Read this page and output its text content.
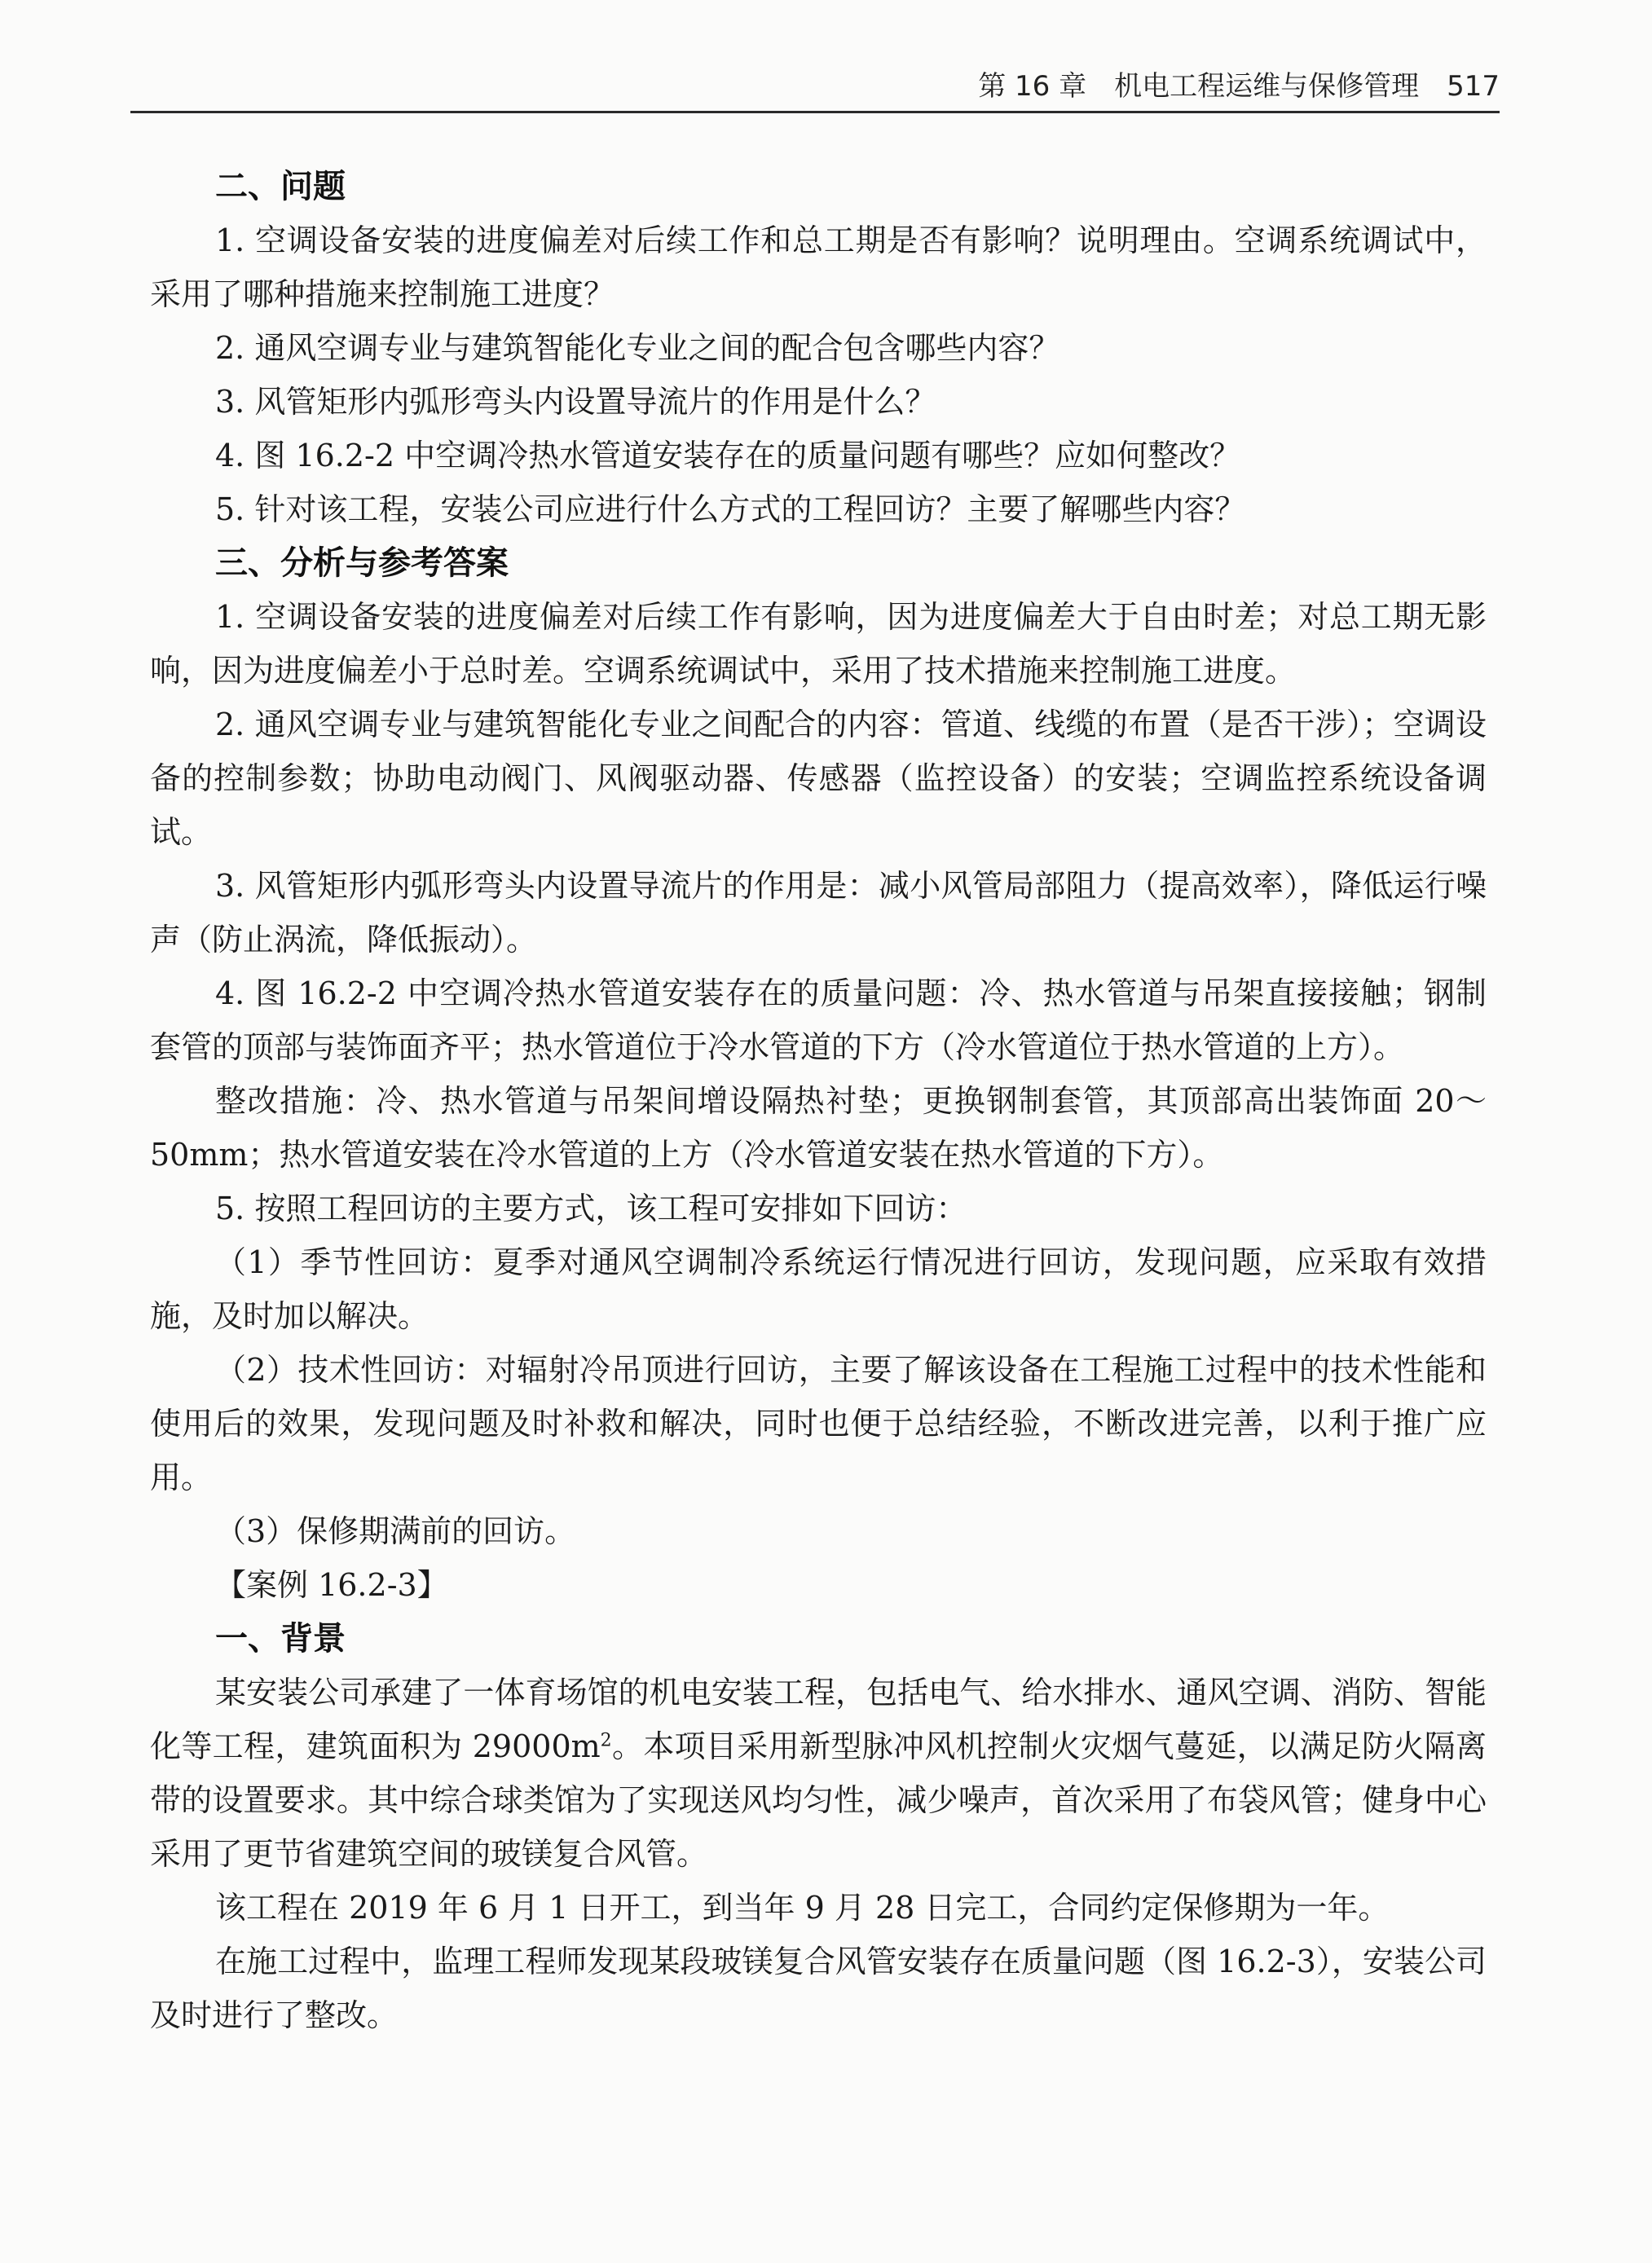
第 16 章 机电工程运维与保修管理 517

二、问题

1. 空调设备安装的进度偏差对后续工作和总工期是否有影响？说明理由。空调系统调试中，采用了哪种措施来控制施工进度？

2. 通风空调专业与建筑智能化专业之间的配合包含哪些内容？

3. 风管矩形内弧形弯头内设置导流片的作用是什么？

4. 图 16.2-2 中空调冷热水管道安装存在的质量问题有哪些？应如何整改？

5. 针对该工程，安装公司应进行什么方式的工程回访？主要了解哪些内容？

三、分析与参考答案

1. 空调设备安装的进度偏差对后续工作有影响，因为进度偏差大于自由时差；对总工期无影响，因为进度偏差小于总时差。空调系统调试中，采用了技术措施来控制施工进度。

2. 通风空调专业与建筑智能化专业之间配合的内容：管道、线缆的布置（是否干涉）；空调设备的控制参数；协助电动阀门、风阀驱动器、传感器（监控设备）的安装；空调监控系统设备调试。

3. 风管矩形内弧形弯头内设置导流片的作用是：减小风管局部阻力（提高效率），降低运行噪声（防止涡流，降低振动）。

4. 图 16.2-2 中空调冷热水管道安装存在的质量问题：冷、热水管道与吊架直接接触；钢制套管的顶部与装饰面齐平；热水管道位于冷水管道的下方（冷水管道位于热水管道的上方）。

整改措施：冷、热水管道与吊架间增设隔热衬垫；更换钢制套管，其顶部高出装饰面 20～50mm；热水管道安装在冷水管道的上方（冷水管道安装在热水管道的下方）。

5. 按照工程回访的主要方式，该工程可安排如下回访：

（1）季节性回访：夏季对通风空调制冷系统运行情况进行回访，发现问题，应采取有效措施，及时加以解决。

（2）技术性回访：对辐射冷吊顶进行回访，主要了解该设备在工程施工过程中的技术性能和使用后的效果，发现问题及时补救和解决，同时也便于总结经验，不断改进完善，以利于推广应用。

（3）保修期满前的回访。

【案例 16.2-3】

一、背景

某安装公司承建了一体育场馆的机电安装工程，包括电气、给水排水、通风空调、消防、智能化等工程，建筑面积为 $29000m^2$。本项目采用新型脉冲风机控制火灾烟气蔓延，以满足防火隔离带的设置要求。其中综合球类馆为了实现送风均匀性，减少噪声，首次采用了布袋风管；健身中心采用了更节省建筑空间的玻镁复合风管。

该工程在 2019 年 6 月 1 日开工，到当年 9 月 28 日完工，合同约定保修期为一年。

在施工过程中，监理工程师发现某段玻镁复合风管安装存在质量问题（图 16.2-3），安装公司及时进行了整改。
